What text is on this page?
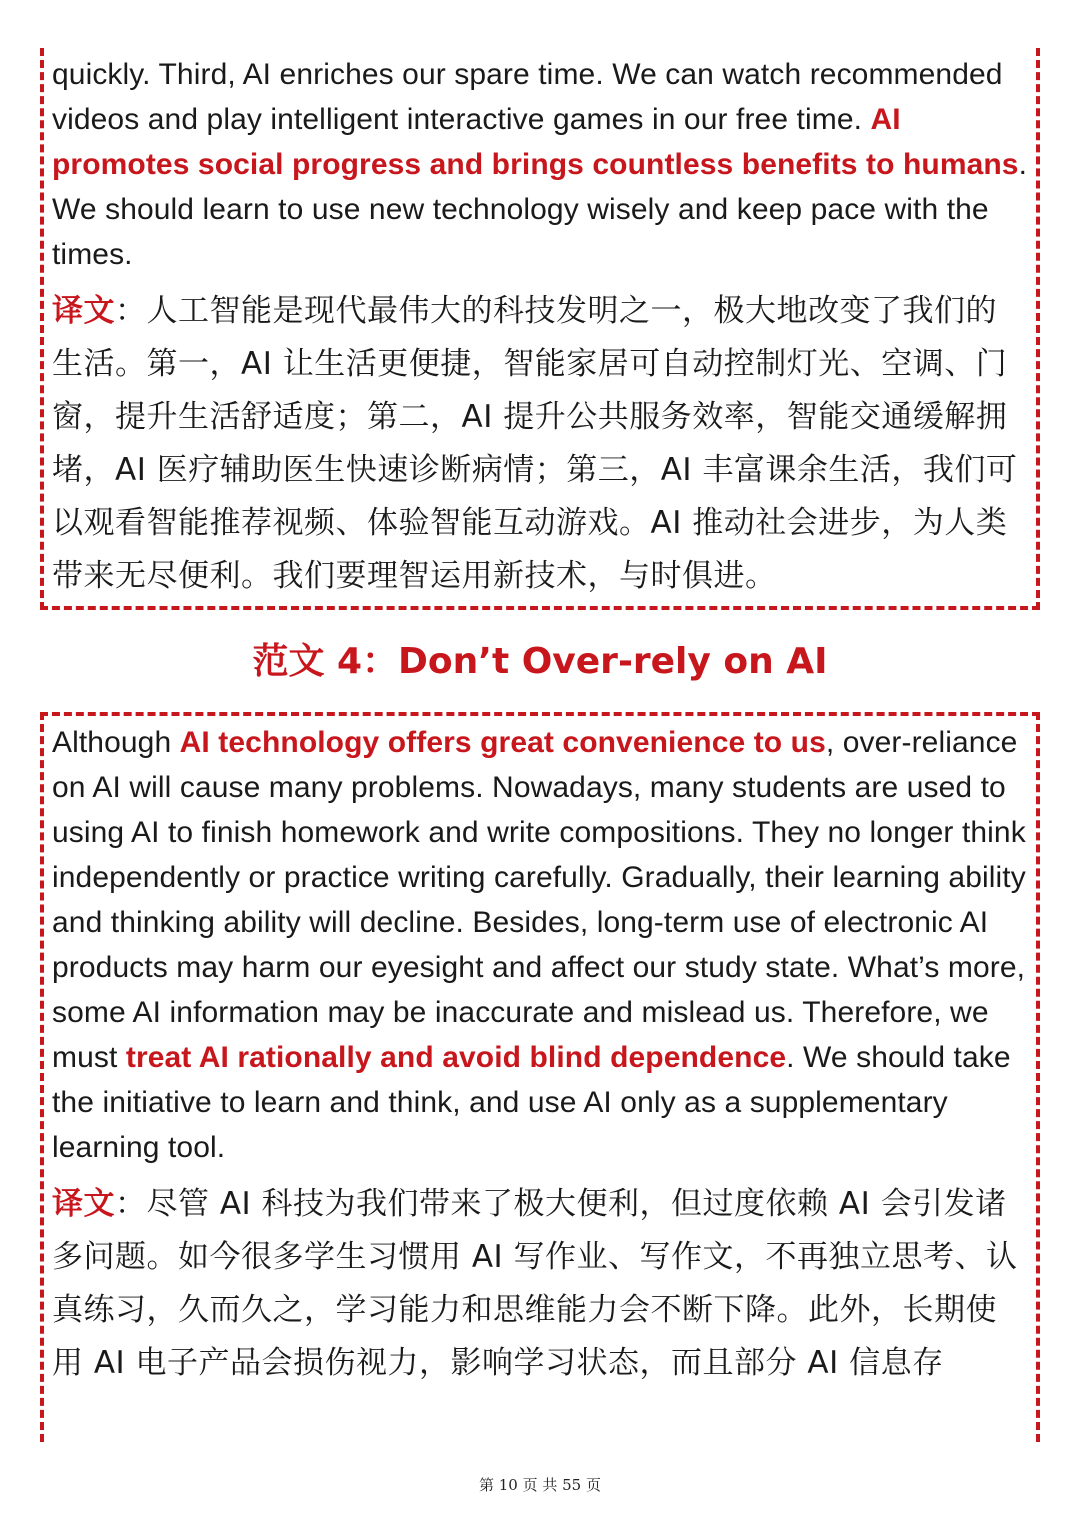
quickly. Third, AI enriches our spare time. We can watch recommended videos and play intelligent interactive games in our free time. AI promotes social progress and brings countless benefits to humans. We should learn to use new technology wisely and keep pace with the times.

译文：人工智能是现代最伟大的科技发明之一，极大地改变了我们的生活。第一，AI 让生活更便捷，智能家居可自动控制灯光、空调、门窗，提升生活舒适度；第二，AI 提升公共服务效率，智能交通缓解拥堵，AI 医疗辅助医生快速诊断病情；第三，AI 丰富课余生活，我们可以观看智能推荐视频、体验智能互动游戏。AI 推动社会进步，为人类带来无尽便利。我们要理智运用新技术，与时俱进。

范文 4：Don’t Over-rely on AI

Although AI technology offers great convenience to us, over-reliance on AI will cause many problems. Nowadays, many students are used to using AI to finish homework and write compositions. They no longer think independently or practice writing carefully. Gradually, their learning ability and thinking ability will decline. Besides, long-term use of electronic AI products may harm our eyesight and affect our study state. What’s more, some AI information may be inaccurate and mislead us. Therefore, we must treat AI rationally and avoid blind dependence. We should take the initiative to learn and think, and use AI only as a supplementary learning tool.

译文：尽管 AI 科技为我们带来了极大便利，但过度依赖 AI 会引发诸多问题。如今很多学生习惯用 AI 写作业、写作文，不再独立思考、认真练习，久而久之，学习能力和思维能力会不断下降。此外，长期使用 AI 电子产品会损伤视力，影响学习状态，而且部分 AI 信息存

第 10 页 共 55 页
